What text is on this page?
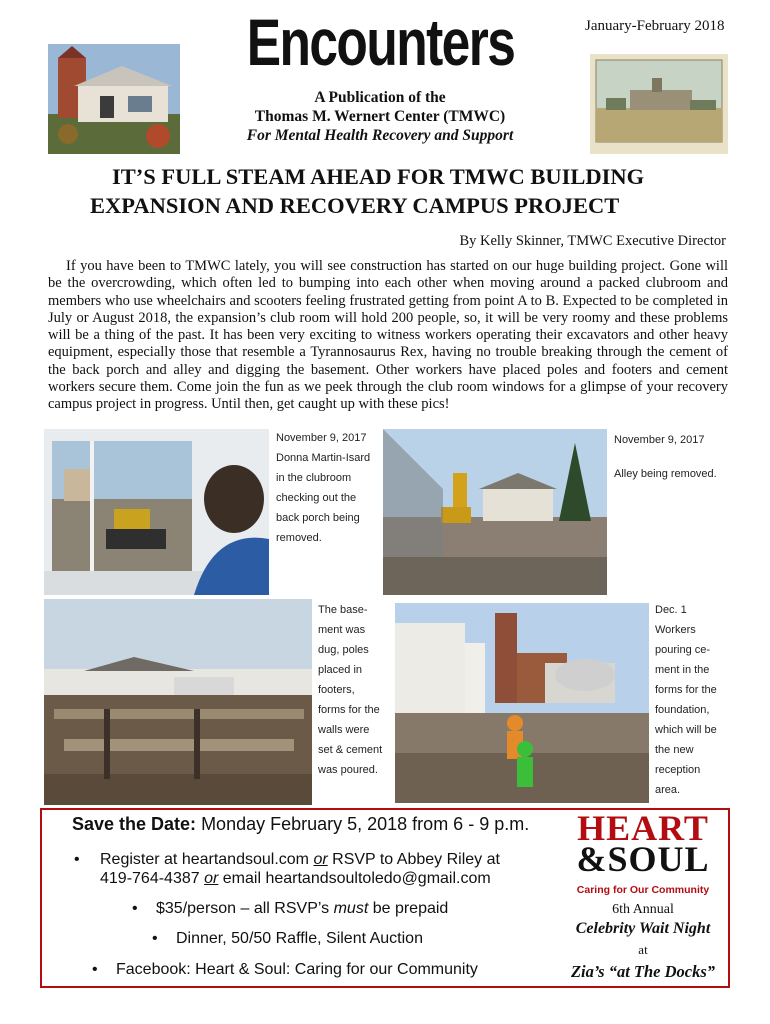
Encounters	January-February 2018
A Publication of the
Thomas M. Wernert Center (TMWC)
For Mental Health Recovery and Support
IT’S FULL STEAM AHEAD FOR TMWC BUILDING
EXPANSION AND RECOVERY CAMPUS PROJECT
By Kelly Skinner, TMWC Executive Director

If you have been to TMWC lately, you will see construction has started on our huge building project. Gone will be the overcrowding, which often led to bumping into each other when moving around a packed clubroom and members who use wheelchairs and scooters feeling frustrated getting from point A to B. Expected to be completed in July or August 2018, the expansion’s club room will hold 200 people, so, it will be very roomy and these problems will be a thing of the past. It has been very exciting to witness workers operating their excavators and other heavy equipment, especially those that resemble a Tyrannosaurus Rex, having no trouble breaking through the cement of the back porch and alley and digging the basement. Other workers have placed poles and footers and cement workers secure them. Come join the fun as we peek through the club room windows for a glimpse of your recovery campus project in progress. Until then, get caught up with these pics!

November 9, 2017
Donna Martin-Isard
in the clubroom
checking out the
back porch being
removed.
November 9, 2017
Alley being removed.
The base-
ment was
dug, poles
placed in
footers,
forms for the
walls were
set & cement
was poured.
Dec. 1
Workers
pouring ce-
ment in the
forms for the
foundation,
which will be
the new
reception
area.
Save the Date: Monday February 5, 2018 from 6 - 9 p.m.
• Register at heartandsoul.com or RSVP to Abbey Riley at
419-764-4387 or email heartandsoultoledo@gmail.com
• $35/person – all RSVP’s must be prepaid
• Dinner, 50/50 Raffle, Silent Auction
• Facebook: Heart & Soul: Caring for our Community
HEART
&SOUL
Caring for Our Community
6th Annual
Celebrity Wait Night
at
Zia’s “at The Docks”
